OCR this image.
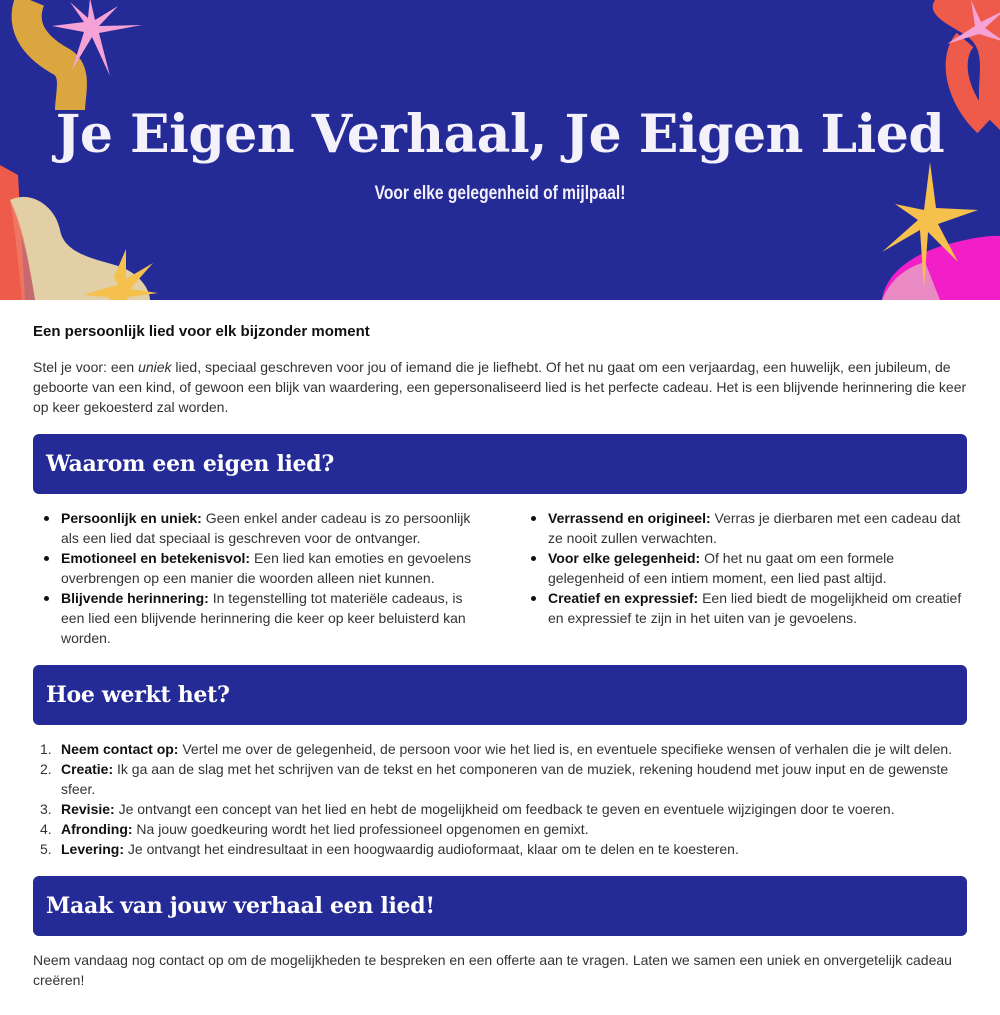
Je Eigen Verhaal, Je Eigen Lied

Voor elke gelegenheid of mijlpaal!

Een persoonlijk lied voor elk bijzonder moment

Stel je voor: een uniek lied, speciaal geschreven voor jou of iemand die je liefhebt. Of het nu gaat om een verjaardag, een huwelijk, een jubileum, de geboorte van een kind, of gewoon een blijk van waardering, een gepersonaliseerd lied is het perfecte cadeau. Het is een blijvende herinnering die keer op keer gekoesterd zal worden.

Waarom een eigen lied?
Persoonlijk en uniek: Geen enkel ander cadeau is zo persoonlijk als een lied dat speciaal is geschreven voor de ontvanger.
Emotioneel en betekenisvol: Een lied kan emoties en gevoelens overbrengen op een manier die woorden alleen niet kunnen.
Blijvende herinnering: In tegenstelling tot materiële cadeaus, is een lied een blijvende herinnering die keer op keer beluisterd kan worden.
Verrassend en origineel: Verras je dierbaren met een cadeau dat ze nooit zullen verwachten.
Voor elke gelegenheid: Of het nu gaat om een formele gelegenheid of een intiem moment, een lied past altijd.
Creatief en expressief: Een lied biedt de mogelijkheid om creatief en expressief te zijn in het uiten van je gevoelens.
Hoe werkt het?
1. Neem contact op: Vertel me over de gelegenheid, de persoon voor wie het lied is, en eventuele specifieke wensen of verhalen die je wilt delen.
2. Creatie: Ik ga aan de slag met het schrijven van de tekst en het componeren van de muziek, rekening houdend met jouw input en de gewenste sfeer.
3. Revisie: Je ontvangt een concept van het lied en hebt de mogelijkheid om feedback te geven en eventuele wijzigingen door te voeren.
4. Afronding: Na jouw goedkeuring wordt het lied professioneel opgenomen en gemixt.
5. Levering: Je ontvangt het eindresultaat in een hoogwaardig audioformaat, klaar om te delen en te koesteren.
Maak van jouw verhaal een lied!

Neem vandaag nog contact op om de mogelijkheden te bespreken en een offerte aan te vragen. Laten we samen een uniek en onvergetelijk cadeau creëren!
